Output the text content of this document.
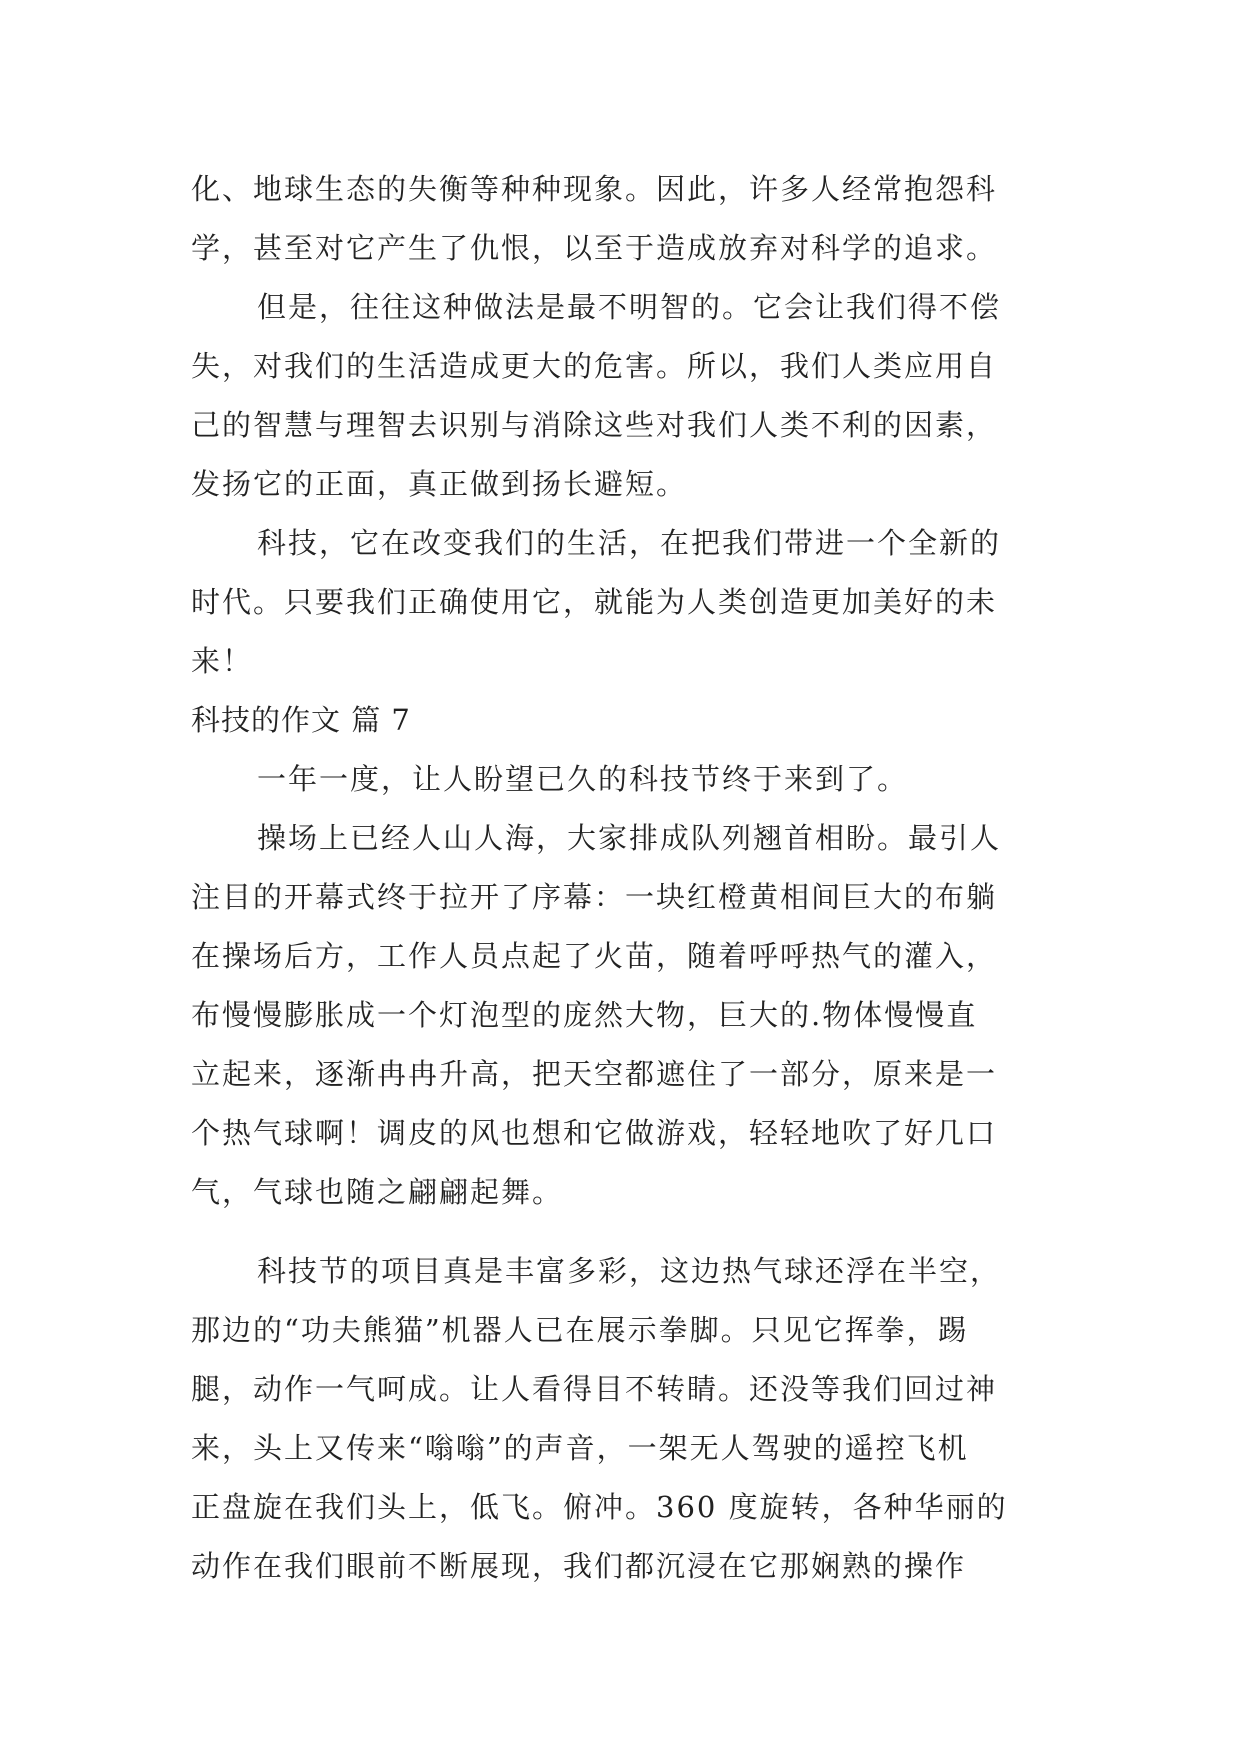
化、地球生态的失衡等种种现象。因此，许多人经常抱怨科
学，甚至对它产生了仇恨，以至于造成放弃对科学的追求。
但是，往往这种做法是最不明智的。它会让我们得不偿
失，对我们的生活造成更大的危害。所以，我们人类应用自
己的智慧与理智去识别与消除这些对我们人类不利的因素，
发扬它的正面，真正做到扬长避短。
科技，它在改变我们的生活，在把我们带进一个全新的
时代。只要我们正确使用它，就能为人类创造更加美好的未
来！
科技的作文 篇 7
一年一度，让人盼望已久的科技节终于来到了。
操场上已经人山人海，大家排成队列翘首相盼。最引人
注目的开幕式终于拉开了序幕：一块红橙黄相间巨大的布躺
在操场后方，工作人员点起了火苗，随着呼呼热气的灌入，
布慢慢膨胀成一个灯泡型的庞然大物，巨大的.物体慢慢直
立起来，逐渐冉冉升高，把天空都遮住了一部分，原来是一
个热气球啊！调皮的风也想和它做游戏，轻轻地吹了好几口
气，气球也随之翩翩起舞。
科技节的项目真是丰富多彩，这边热气球还浮在半空，
那边的“功夫熊猫”机器人已在展示拳脚。只见它挥拳，踢
腿，动作一气呵成。让人看得目不转睛。还没等我们回过神
来，头上又传来“嗡嗡”的声音，一架无人驾驶的遥控飞机
正盘旋在我们头上，低飞。俯冲。360 度旋转，各种华丽的
动作在我们眼前不断展现，我们都沉浸在它那娴熟的操作
